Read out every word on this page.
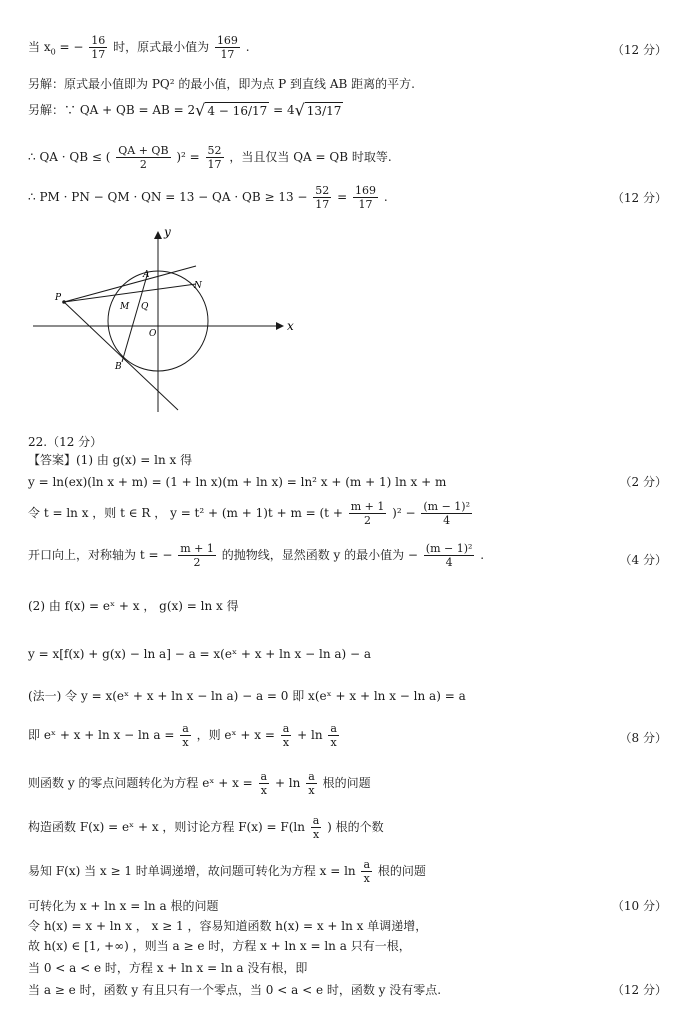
当 $x_0$ = − $\frac{16}{17}$ 时，原式最小值为 $\frac{169}{17}$ .	（12 分）
另解：原式最小值即为 PQ² 的最小值，即为点 P 到直线 AB 距离的平方.
另解：∵ QA + QB = AB = 2√ 4 − 16/17 = 4√ 13/17
∴ QA · QB ≤ ( $\frac{QA + QB}{2} )^2 = \frac{52}{17}$ ，当且仅当 QA = QB 时取等.
∴ PM · PN − QM · QN = 13 − QA · QB ≥ $13 - \frac{52}{17} = \frac{169}{17}$ .	（12 分）
y
x
O
A
N
P
M Q
B
22.（12 分）
【答案】(1) 由 g(x) = ln x 得
y = ln(ex)(ln x + m) = (1 + ln x)(m + ln x) = ln² x + (m + 1) ln x + m	（2 分）
令 t = ln x ，则 t ∈ R ， $y = t^2 + (m + 1)t + m = (t + \frac{m + 1}{2} )^2 - \frac{\text{(m − 1)²}}{4}$
开口向上，对称轴为 t = − $\frac{m + 1}{2}$ 的抛物线，显然函数 y 的最小值为 − $\frac{\text{(m − 1)²}}{4}$ .	（4 分）
(2) 由 f(x) = eˣ + x ， g(x) = ln x 得
y = x[f(x) + g(x) − ln a] − a = x(eˣ + x + ln x − ln a) − a
(法一) 令 y = x(eˣ + x + ln x − ln a) − a = 0 即 x(eˣ + x + ln x − ln a) = a
即 eˣ + $x + \ln x - \ln a = \frac{a}{x}$ ，则 eˣ + $x = \frac{a}{x} + \ln \frac{a}{x}$	（8 分）
则函数 y 的零点问题转化为方程 eˣ + $x = \frac{a}{x} + \ln \frac{a}{x}$ 根的问题
构造函数 F(x) = eˣ + x ，则讨论方程 $F(x) = F(\ln \frac{a}{x}$ ) 根的个数
易知 F(x) 当 x ≥ 1 时单调递增，故问题可转化为方程 $x = \ln \frac{a}{x}$ 根的问题
可转化为 x + ln x = ln a 根的问题	（10 分）
令 h(x) = x + ln x ， x ≥ 1 ，容易知道函数 h(x) = x + ln x 单调递增，
故 h(x) ∈ [1, +∞) ，则当 a ≥ e 时，方程 x + ln x = ln a 只有一根，
当 0 < a < e 时，方程 x + ln x = ln a 没有根，即
当 a ≥ e 时，函数 y 有且只有一个零点，当 0 < a < e 时，函数 y 没有零点.	（12 分）
